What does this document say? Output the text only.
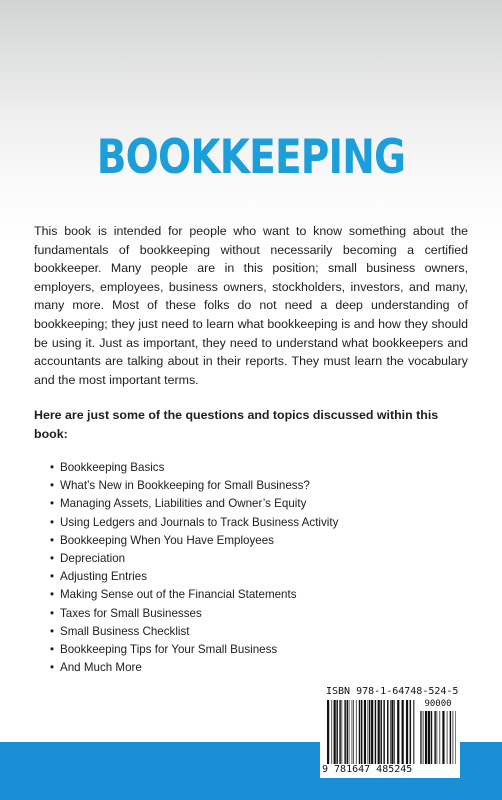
BOOKKEEPING

This book is intended for people who want to know something about the fundamentals of bookkeeping without necessarily becoming a certified bookkeeper. Many people are in this position; small business owners, employers, employees, business owners, stockholders, investors, and many, many more. Most of these folks do not need a deep understanding of bookkeeping; they just need to learn what bookkeeping is and how they should be using it. Just as important, they need to understand what bookkeepers and accountants are talking about in their reports. They must learn the vocabulary and the most important terms.

Here are just some of the questions and topics discussed within this book:

• Bookkeeping Basics
• What’s New in Bookkeeping for Small Business?
• Managing Assets, Liabilities and Owner’s Equity
• Using Ledgers and Journals to Track Business Activity
• Bookkeeping When You Have Employees
• Depreciation
• Adjusting Entries
• Making Sense out of the Financial Statements
• Taxes for Small Businesses
• Small Business Checklist
• Bookkeeping Tips for Your Small Business
• And Much More
ISBN 978-1-64748-524-5
90000
9 781647 485245
